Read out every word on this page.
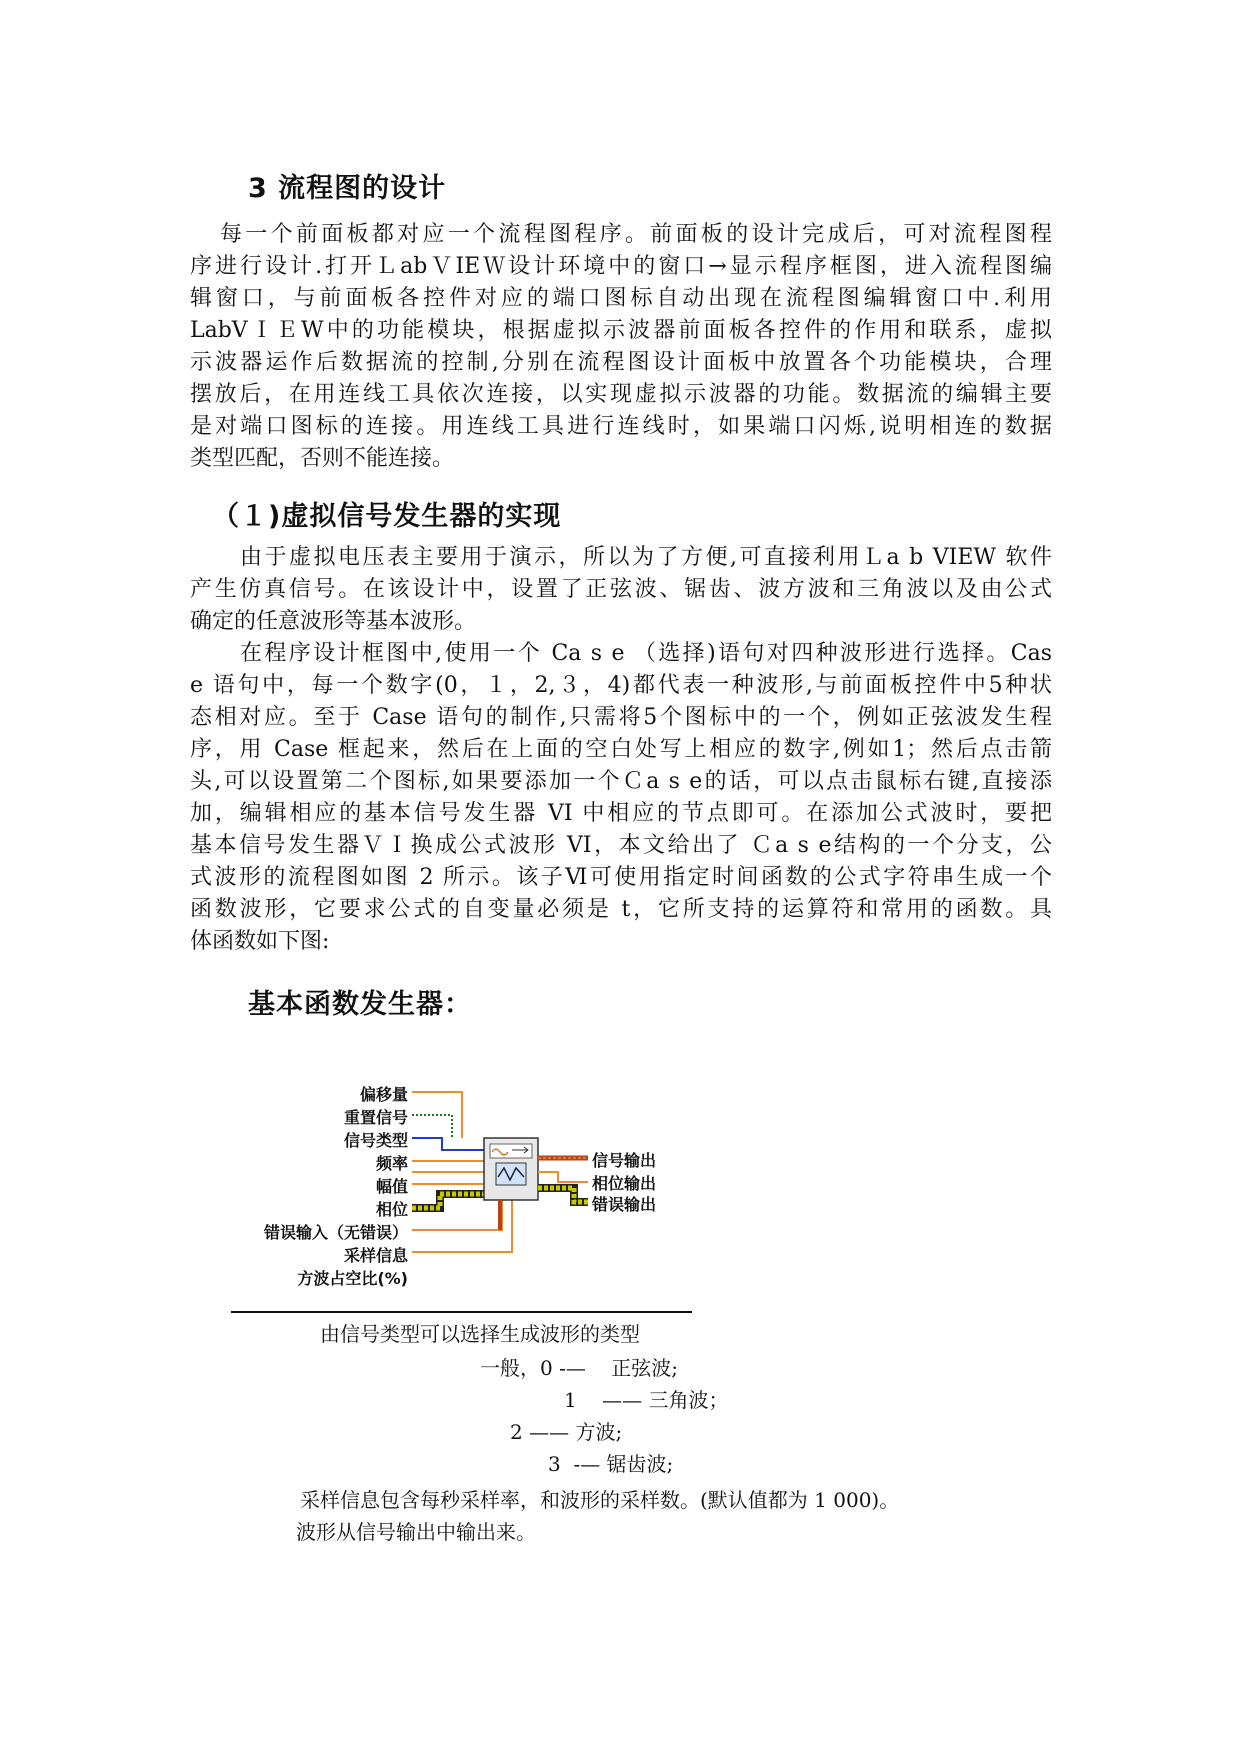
3 流程图的设计
每一个前面板都对应一个流程图程序。前面板的设计完成后，可对流程图程
序进行设计.打开ＬabＶIEＷ设计环境中的窗口→显示程序框图，进入流程图编
辑窗口，与前面板各控件对应的端口图标自动出现在流程图编辑窗口中.利用
LabVＩＥW中的功能模块，根据虚拟示波器前面板各控件的作用和联系，虚拟
示波器运作后数据流的控制,分别在流程图设计面板中放置各个功能模块，合理
摆放后，在用连线工具依次连接，以实现虚拟示波器的功能。数据流的编辑主要
是对端口图标的连接。用连线工具进行连线时，如果端口闪烁,说明相连的数据
类型匹配，否则不能连接。
（１)虚拟信号发生器的实现
由于虚拟电压表主要用于演示，所以为了方便,可直接利用Ｌa b VIEW 软件
产生仿真信号。在该设计中，设置了正弦波、锯齿、波方波和三角波以及由公式
确定的任意波形等基本波形。
在程序设计框图中,使用一个 Ca s e （选择)语句对四种波形进行选择。Cas
e 语句中，每一个数字(0，１，2,３，4)都代表一种波形,与前面板控件中5种状
态相对应。至于 Case 语句的制作,只需将5个图标中的一个，例如正弦波发生程
序，用 Case 框起来，然后在上面的空白处写上相应的数字,例如1；然后点击箭
头,可以设置第二个图标,如果要添加一个Ｃa s e的话，可以点击鼠标右键,直接添
加，编辑相应的基本信号发生器 VI 中相应的节点即可。在添加公式波时，要把
基本信号发生器ＶＩ换成公式波形 VI，本文给出了 Ｃa s e结构的一个分支，公
式波形的流程图如图 2 所示。该子Ⅵ可使用指定时间函数的公式字符串生成一个
函数波形，它要求公式的自变量必须是 t，它所支持的运算符和常用的函数。具
体函数如下图:
基本函数发生器：
偏移量
重置信号
信号类型
频率
幅值
相位
错误输入（无错误）
采样信息
方波占空比(%)
信号输出
相位输出
错误输出
由信号类型可以选择生成波形的类型
一般，0 -—    正弦波;
1    —— 三角波；
2 —— 方波;
3  -— 锯齿波;
采样信息包含每秒采样率，和波形的采样数。(默认值都为 1 000)。
波形从信号输出中输出来。
